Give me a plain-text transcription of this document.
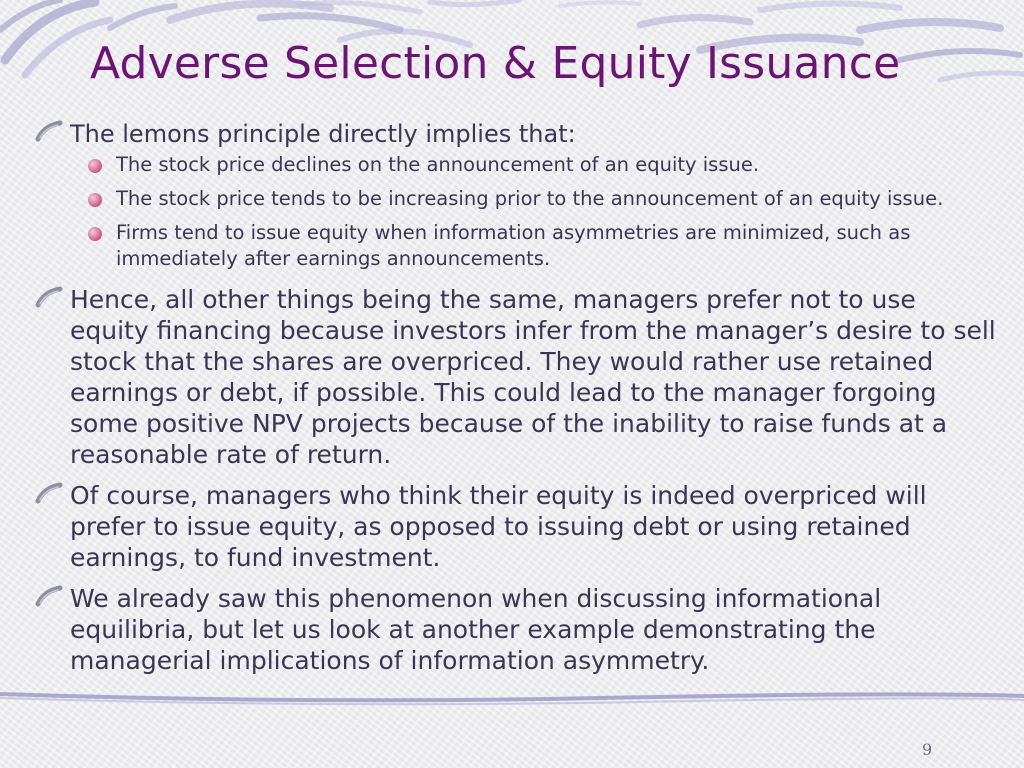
Adverse Selection & Equity Issuance
The lemons principle directly implies that:
The stock price declines on the announcement of an equity issue.
The stock price tends to be increasing prior to the announcement of an equity issue.
Firms tend to issue equity when information asymmetries are minimized, such as immediately after earnings announcements.
Hence, all other things being the same, managers prefer not to use equity financing because investors infer from the manager’s desire to sell stock that the shares are overpriced. They would rather use retained earnings or debt, if possible. This could lead to the manager forgoing some positive NPV projects because of the inability to raise funds at a reasonable rate of return.
Of course, managers who think their equity is indeed overpriced will prefer to issue equity, as opposed to issuing debt or using retained earnings, to fund investment.
We already saw this phenomenon when discussing informational equilibria, but let us look at another example demonstrating the managerial implications of information asymmetry.
9
